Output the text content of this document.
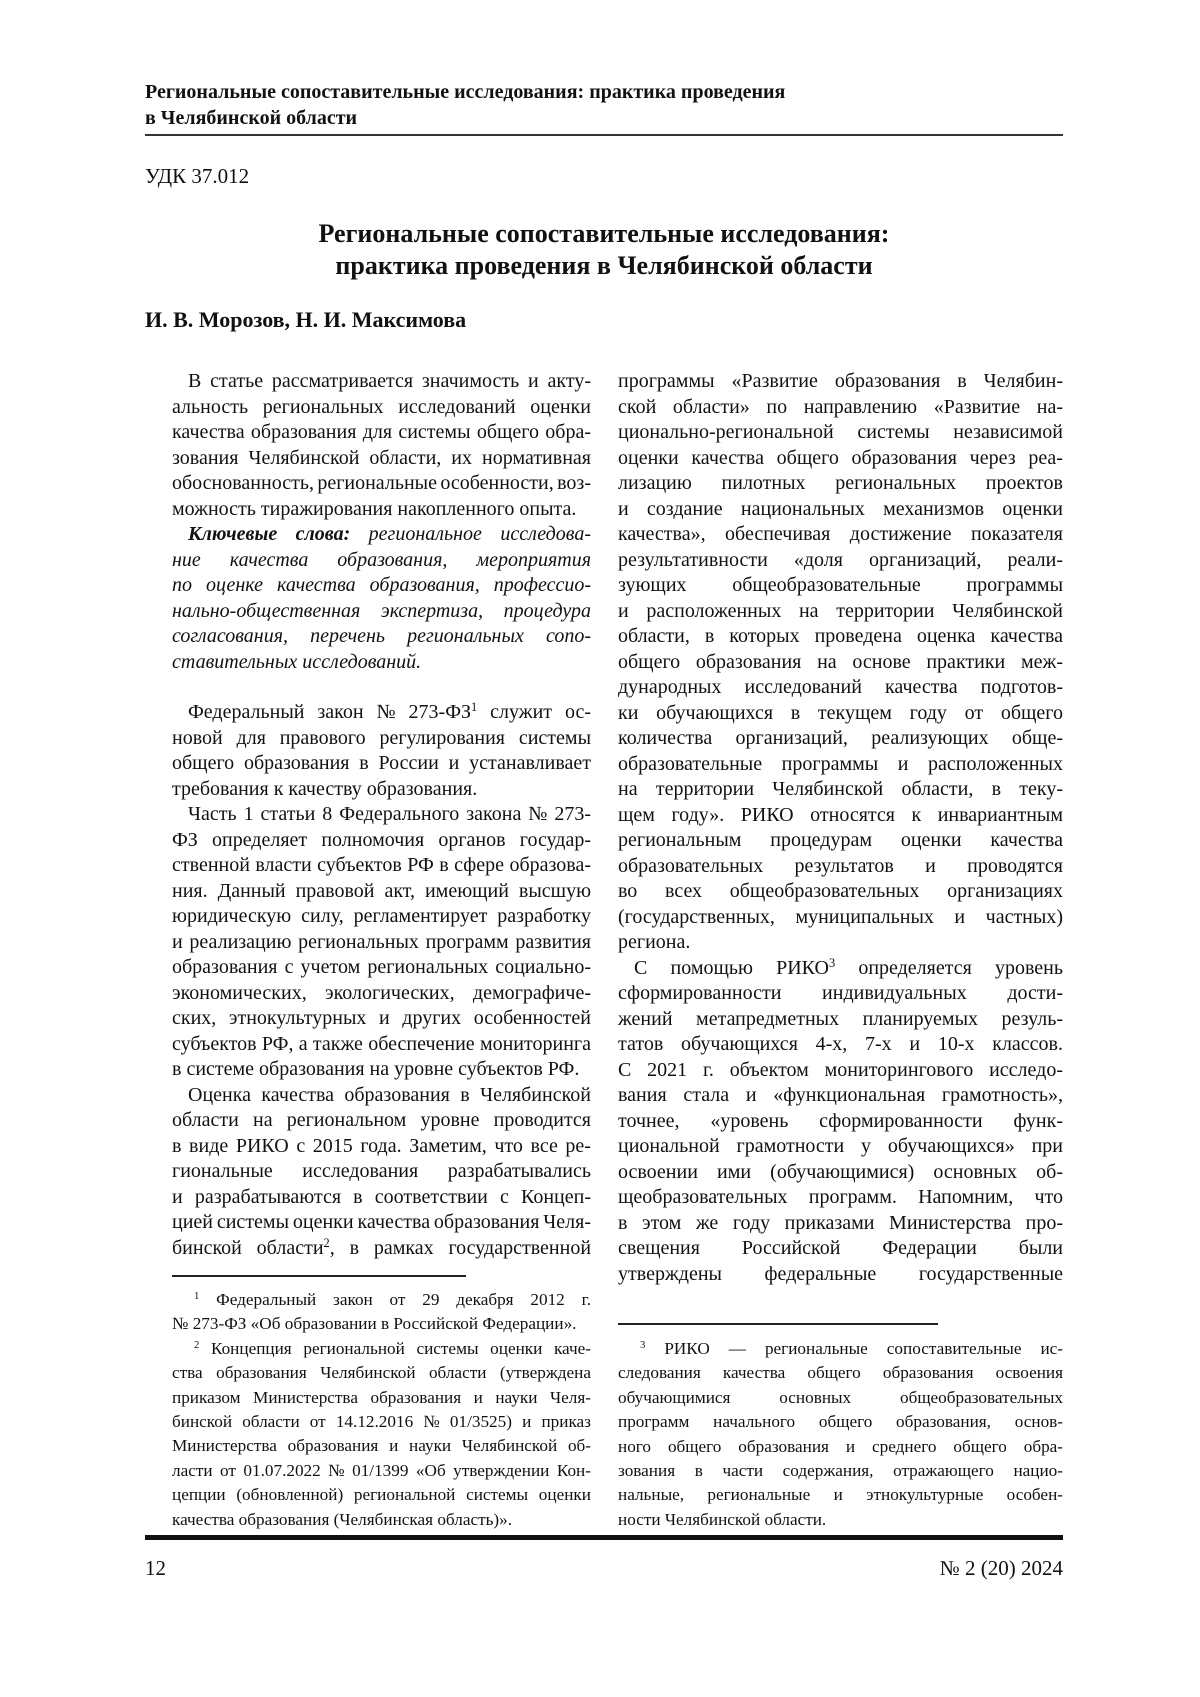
Региональные сопоставительные исследования: практика проведения
в Челябинской области
УДК 37.012
Региональные сопоставительные исследования:
практика проведения в Челябинской области
И. В. Морозов, Н. И. Максимова
В статье рассматривается значимость и акту-
альность региональных исследований оценки
качества образования для системы общего обра-
зования Челябинской области, их нормативная
обоснованность, региональные особенности, воз-
можность тиражирования накопленного опыта.
Ключевые слова: региональное исследова-
ние качества образования, мероприятия
по оценке качества образования, профессио-
нально-общественная экспертиза, процедура
согласования, перечень региональных сопо-
ставительных исследований.
Федеральный закон № 273-ФЗ1 служит ос-
новой для правового регулирования системы
общего образования в России и устанавливает
требования к качеству образования.
Часть 1 статьи 8 Федерального закона № 273-
ФЗ определяет полномочия органов государ-
ственной власти субъектов РФ в сфере образова-
ния. Данный правовой акт, имеющий высшую
юридическую силу, регламентирует разработку
и реализацию региональных программ развития
образования с учетом региональных социально-
экономических, экологических, демографиче-
ских, этнокультурных и других особенностей
субъектов РФ, а также обеспечение мониторинга
в системе образования на уровне субъектов РФ.
Оценка качества образования в Челябинской
области на региональном уровне проводится
в виде РИКО с 2015 года. Заметим, что все ре-
гиональные исследования разрабатывались
и разрабатываются в соответствии с Концеп-
цией системы оценки качества образования Челя-
бинской области2, в рамках государственной
1 Федеральный закон от 29 декабря 2012 г.
№ 273-ФЗ «Об образовании в Российской Федерации».
2 Концепция региональной системы оценки каче-
ства образования Челябинской области (утверждена
приказом Министерства образования и науки Челя-
бинской области от 14.12.2016 № 01/3525) и приказ
Министерства образования и науки Челябинской об-
ласти от 01.07.2022 № 01/1399 «Об утверждении Кон-
цепции (обновленной) региональной системы оценки
качества образования (Челябинская область)».
программы «Развитие образования в Челябин-
ской области» по направлению «Развитие на-
ционально-региональной системы независимой
оценки качества общего образования через реа-
лизацию пилотных региональных проектов
и создание национальных механизмов оценки
качества», обеспечивая достижение показателя
результативности «доля организаций, реали-
зующих общеобразовательные программы
и расположенных на территории Челябинской
области, в которых проведена оценка качества
общего образования на основе практики меж-
дународных исследований качества подготов-
ки обучающихся в текущем году от общего
количества организаций, реализующих обще-
образовательные программы и расположенных
на территории Челябинской области, в теку-
щем году». РИКО относятся к инвариантным
региональным процедурам оценки качества
образовательных результатов и проводятся
во всех общеобразовательных организациях
(государственных, муниципальных и частных)
региона.
С помощью РИКО3 определяется уровень
сформированности индивидуальных дости-
жений метапредметных планируемых резуль-
татов обучающихся 4-х, 7-х и 10-х классов.
С 2021 г. объектом мониторингового исследо-
вания стала и «функциональная грамотность»,
точнее, «уровень сформированности функ-
циональной грамотности у обучающихся» при
освоении ими (обучающимися) основных об-
щеобразовательных программ. Напомним, что
в этом же году приказами Министерства про-
свещения Российской Федерации были
утверждены федеральные государственные
3 РИКО — региональные сопоставительные ис-
следования качества общего образования освоения
обучающимися основных общеобразовательных
программ начального общего образования, основ-
ного общего образования и среднего общего обра-
зования в части содержания, отражающего нацио-
нальные, региональные и этнокультурные особен-
ности Челябинской области.
12	№ 2 (20) 2024
